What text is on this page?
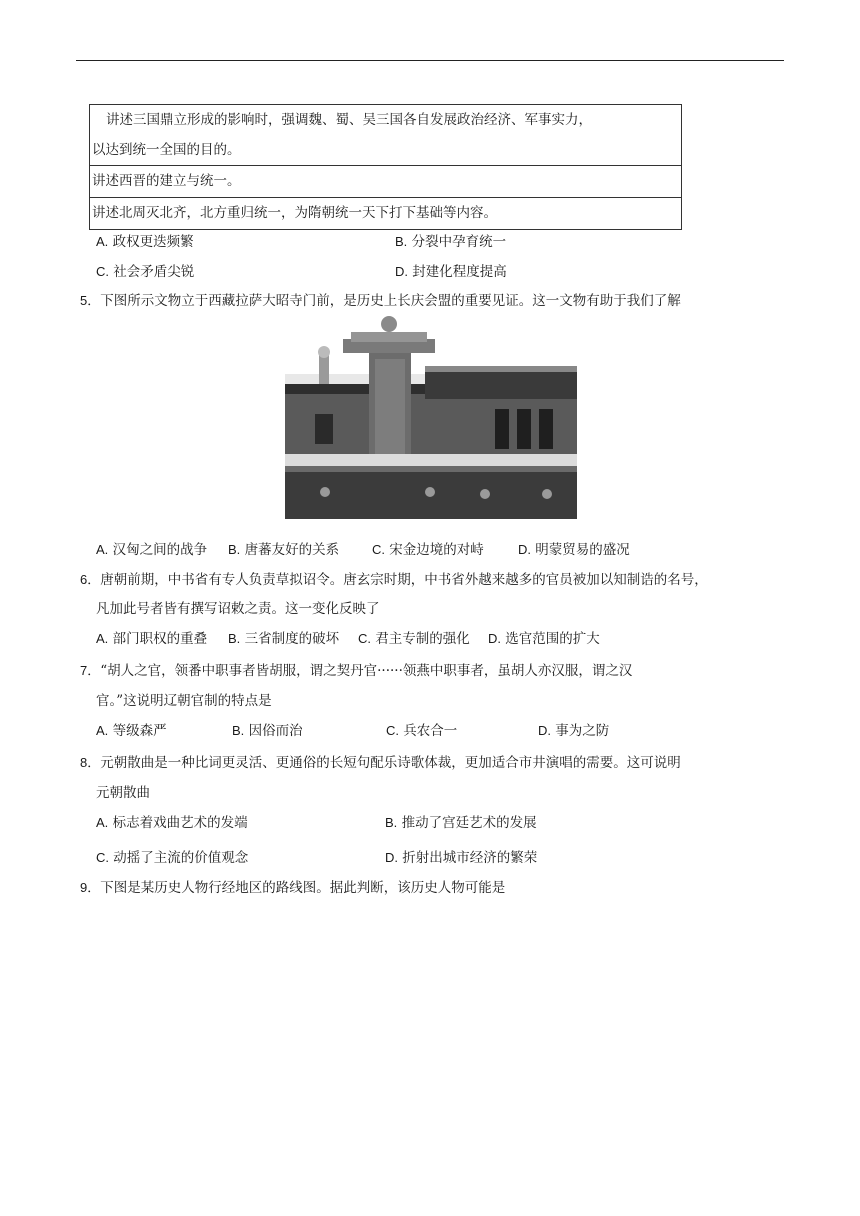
讲述三国鼎立形成的影响时，强调魏、蜀、吴三国各自发展政治经济、军事实力，
以达到统一全国的目的。
讲述西晋的建立与统一。
讲述北周灭北齐，北方重归统一，为隋朝统一天下打下基础等内容。
A. 政权更迭频繁	B. 分裂中孕育统一
C. 社会矛盾尖锐	D. 封建化程度提高
5．下图所示文物立于西藏拉萨大昭寺门前，是历史上长庆会盟的重要见证。这一文物有助于我们了解
A. 汉匈之间的战争 B. 唐蕃友好的关系	C. 宋金边境的对峙	D. 明蒙贸易的盛况
6．唐朝前期，中书省有专人负责草拟诏令。唐玄宗时期，中书省外越来越多的官员被加以知制诰的名号，
凡加此号者皆有撰写诏敕之责。这一变化反映了
A. 部门职权的重叠 B. 三省制度的破坏 C. 君主专制的强化 D. 选官范围的扩大
7．“胡人之官，领番中职事者皆胡服，谓之契丹官······领燕中职事者，虽胡人亦汉服，谓之汉
官。”这说明辽朝官制的特点是
A. 等级森严	B. 因俗而治	C. 兵农合一	D. 事为之防
8．元朝散曲是一种比词更灵活、更通俗的长短句配乐诗歌体裁，更加适合市井演唱的需要。这可说明
元朝散曲
A. 标志着戏曲艺术的发端	B. 推动了宫廷艺术的发展
C. 动摇了主流的价值观念	D. 折射出城市经济的繁荣
9．下图是某历史人物行经地区的路线图。据此判断，该历史人物可能是
